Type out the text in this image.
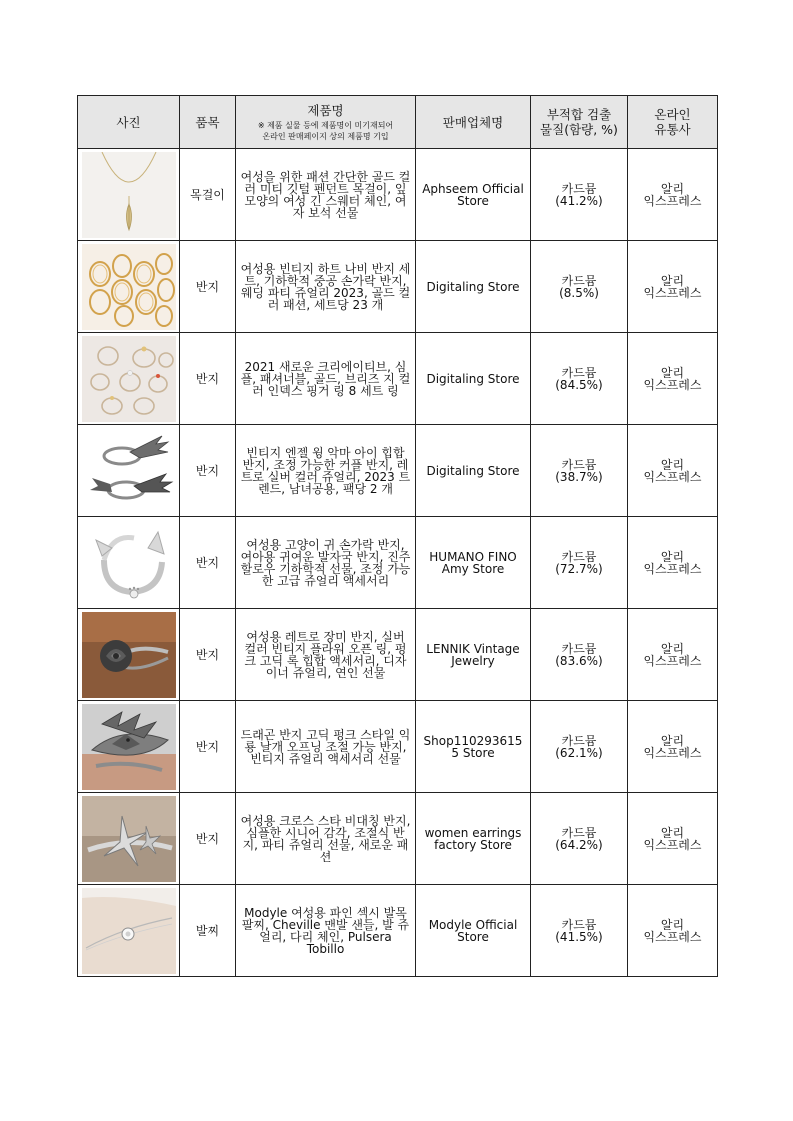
사진	품목	제품명
※ 제품 실물 등에 제품명이 미기재되어
온라인 판매페이지 상의 제품명 기입	판매업체명	부적합 검출
물질(함량, %)	온라인
유통사

	목걸이	여성을 위한 패션 간단한 골드 컬러 미티 깃털 펜던트 목걸이, 잎 모양의 여성 긴 스웨터 체인, 여자 보석 선물	Aphseem Official Store	카드뮴
(41.2%)	알리
익스프레스

	반지	여성용 빈티지 하트 나비 반지 세트, 기하학적 중공 손가락 반지, 웨딩 파티 쥬얼리 2023, 골드 컬러 패션, 세트당 23 개	Digitaling Store	카드뮴
(8.5%)	알리
익스프레스

	반지	2021 새로운 크리에이티브, 심플, 패셔너블, 골드, 브리즈 지 컬러 인덱스 핑거 링 8 세트 링	Digitaling Store	카드뮴
(84.5%)	알리
익스프레스

	반지	빈티지 엔젤 윙 악마 아이 힙합 반지, 조정 가능한 커플 반지, 레트로 실버 컬러 쥬얼리, 2023 트렌드, 남녀공용, 팩당 2 개	Digitaling Store	카드뮴
(38.7%)	알리
익스프레스

	반지	여성용 고양이 귀 손가락 반지, 여아용 귀여운 발자국 반지, 진주 할로우 기하학적 선물, 조정 가능한 고급 쥬얼리 액세서리	HUMANO FINO Amy Store	카드뮴
(72.7%)	알리
익스프레스

	반지	여성용 레트로 장미 반지, 실버 컬러 빈티지 플라워 오픈 링, 펑크 고딕 록 힙합 액세서리, 디자이너 쥬얼리, 연인 선물	LENNIK Vintage Jewelry	카드뮴
(83.6%)	알리
익스프레스

	반지	드래곤 반지 고딕 펑크 스타일 익룡 날개 오프닝 조절 가능 반지, 빈티지 쥬얼리 액세서리 선물	Shop110293615 5 Store	카드뮴
(62.1%)	알리
익스프레스

	반지	여성용 크로스 스타 비대칭 반지, 심플한 시니어 감각, 조절식 반지, 파티 쥬얼리 선물, 새로운 패션	women earrings factory Store	카드뮴
(64.2%)	알리
익스프레스

	발찌	Modyle 여성용 파인 섹시 발목 팔찌, Cheville 맨발 샌들, 발 쥬얼리, 다리 체인, Pulsera Tobillo	Modyle Official Store	카드뮴
(41.5%)	알리
익스프레스
